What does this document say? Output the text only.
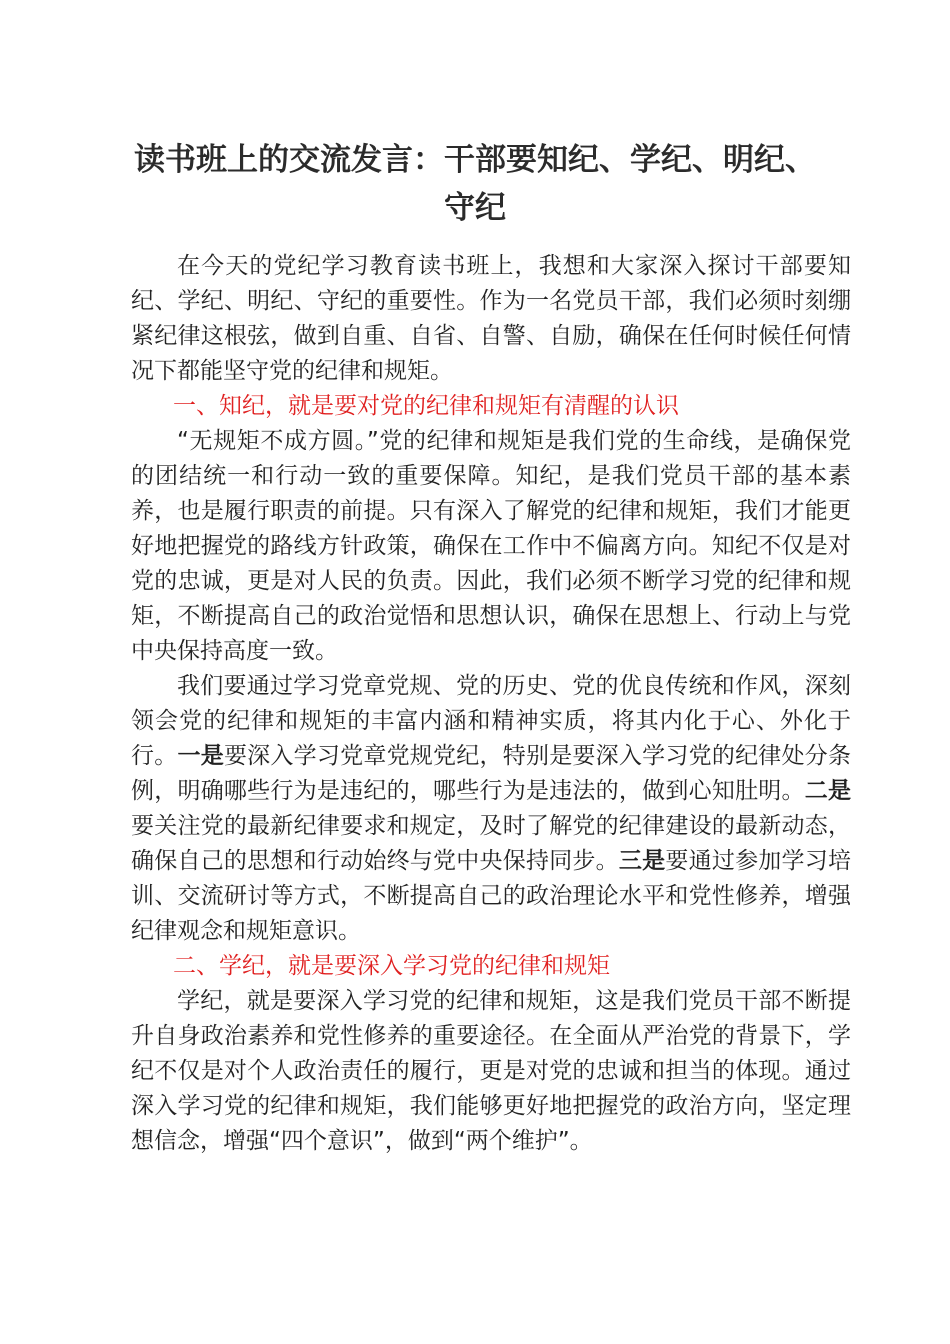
读书班上的交流发言：干部要知纪、学纪、明纪、守纪

在今天的党纪学习教育读书班上，我想和大家深入探讨干部要知纪、学纪、明纪、守纪的重要性。作为一名党员干部，我们必须时刻绷紧纪律这根弦，做到自重、自省、自警、自励，确保在任何时候任何情况下都能坚守党的纪律和规矩。

一、知纪，就是要对党的纪律和规矩有清醒的认识

“无规矩不成方圆。”党的纪律和规矩是我们党的生命线，是确保党的团结统一和行动一致的重要保障。知纪，是我们党员干部的基本素养，也是履行职责的前提。只有深入了解党的纪律和规矩，我们才能更好地把握党的路线方针政策，确保在工作中不偏离方向。知纪不仅是对党的忠诚，更是对人民的负责。因此，我们必须不断学习党的纪律和规矩，不断提高自己的政治觉悟和思想认识，确保在思想上、行动上与党中央保持高度一致。

我们要通过学习党章党规、党的历史、党的优良传统和作风，深刻领会党的纪律和规矩的丰富内涵和精神实质，将其内化于心、外化于行。一是要深入学习党章党规党纪，特别是要深入学习党的纪律处分条例，明确哪些行为是违纪的，哪些行为是违法的，做到心知肚明。二是要关注党的最新纪律要求和规定，及时了解党的纪律建设的最新动态，确保自己的思想和行动始终与党中央保持同步。三是要通过参加学习培训、交流研讨等方式，不断提高自己的政治理论水平和党性修养，增强纪律观念和规矩意识。

二、学纪，就是要深入学习党的纪律和规矩

学纪，就是要深入学习党的纪律和规矩，这是我们党员干部不断提升自身政治素养和党性修养的重要途径。在全面从严治党的背景下，学纪不仅是对个人政治责任的履行，更是对党的忠诚和担当的体现。通过深入学习党的纪律和规矩，我们能够更好地把握党的政治方向，坚定理想信念，增强“四个意识”，做到“两个维护”。
